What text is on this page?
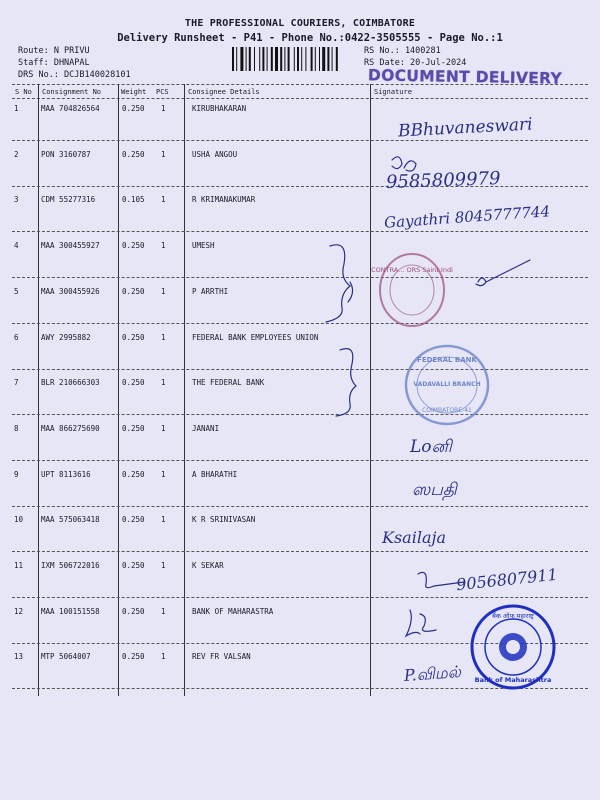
THE PROFESSIONAL COURIERS, COIMBATORE
Delivery Runsheet - P41 - Phone No.:0422-3505555 - Page No.:1
Route: N PRIVU
Staff: DHNAPAL
DRS No.: DCJB140028101
RS No.: 1400281
RS Date: 20-Jul-2024
DOCUMENT DELIVERY
S No Consignment No	Weight PCS	Consignee Details	Signature
1	MAA 704826564	0.250 1	KIRUBHAKARAN
2	PON 3160787	0.250 1	USHA ANGOU
3	CDM 55277316	0.105 1	R KRIMANAKUMAR
4	MAA 300455927	0.250 1	UMESH
5	MAA 300455926	0.250 1	P ARRTHI
6	AWY 2995882	0.250 1	FEDERAL BANK EMPLOYEES UNION
7	BLR 210666303	0.250 1	THE FEDERAL BANK
8	MAA 866275690	0.250 1	JANANI
9	UPT 8113616	0.250 1	A BHARATHI
10 MAA 575063418	0.250 1	K R SRINIVASAN
11 IXM 506722016	0.250 1	K SEKAR
12 MAA 100151558	0.250 1	BANK OF MAHARASTRA
13 MTP 5064007	0.250 1	REV FR VALSAN
BBhuvaneswari
9585809979
Gayathri 8045777744
Loனி
ஸபதி
Ksailaja
9056807911
P.விமல்
CONTRA... ORS Saint Indi
FEDERAL BANK
VADAVALLI BRANCH
COIMBATORE-41
बैंक ऑफ महाराष्ट्र
Bank of Maharashtra
